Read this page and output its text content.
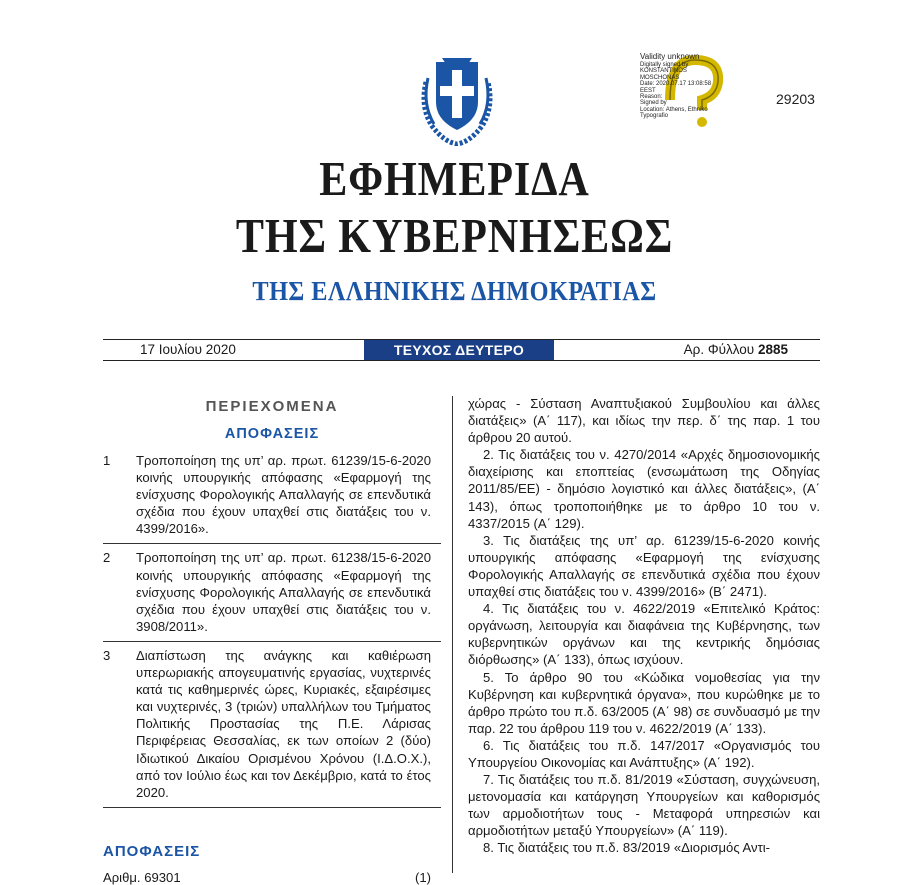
Validity unknown
Digitally signed by
KONSTANTINOS
MOSCHONAS
Date: 2020.07.17 13:08:58
EEST
Reason:
Signed by
Location: Athens, Ethniko
Typografio
29203
ΕΦΗΜΕΡΙΔΑ
ΤΗΣ ΚΥΒΕΡΝΗΣΕΩΣ
ΤΗΣ ΕΛΛΗΝΙΚΗΣ ΔΗΜΟΚΡΑΤΙΑΣ
17 Ιουλίου 2020	ΤΕΥΧΟΣ ΔΕΥΤΕΡΟ	Αρ. Φύλλου 2885
ΠΕΡΙΕΧΟΜΕΝΑ
ΑΠΟΦΑΣΕΙΣ
1 Τροποποίηση της υπ’ αρ. πρωτ. 61239/15-6-2020 κοινής υπουργικής απόφασης «Εφαρμογή της ενίσχυσης Φορολογικής Απαλλαγής σε επενδυτικά σχέδια που έχουν υπαχθεί στις διατάξεις του ν. 4399/2016».
2 Τροποποίηση της υπ’ αρ. πρωτ. 61238/15-6-2020 κοινής υπουργικής απόφασης «Εφαρμογή της ενίσχυσης Φορολογικής Απαλλαγής σε επενδυτικά σχέδια που έχουν υπαχθεί στις διατάξεις του ν. 3908/2011».
3 Διαπίστωση της ανάγκης και καθιέρωση υπερωριακής απογευματινής εργασίας, νυχτερινές κατά τις καθημερινές ώρες, Κυριακές, εξαιρέσιμες και νυχτερινές, 3 (τριών) υπαλλήλων του Τμήματος Πολιτικής Προστασίας της Π.Ε. Λάρισας Περιφέρειας Θεσσαλίας, εκ των οποίων 2 (δύο) Ιδιωτικού Δικαίου Ορισμένου Χρόνου (Ι.Δ.Ο.Χ.), από τον Ιούλιο έως και τον Δεκέμβριο, κατά το έτος 2020.
ΑΠΟΦΑΣΕΙΣ
Αριθμ. 69301	(1)

χώρας - Σύσταση Αναπτυξιακού Συμβουλίου και άλλες διατάξεις» (Α΄ 117), και ιδίως την περ. δ΄ της παρ. 1 του άρθρου 20 αυτού.

2. Τις διατάξεις του ν. 4270/2014 «Αρχές δημοσιονομικής διαχείρισης και εποπτείας (ενσωμάτωση της Οδηγίας 2011/85/ΕΕ) - δημόσιο λογιστικό και άλλες διατάξεις», (Α΄ 143), όπως τροποποιήθηκε με το άρθρο 10 του ν. 4337/2015 (Α΄ 129).

3. Τις διατάξεις της υπ’ αρ. 61239/15-6-2020 κοινής υπουργικής απόφασης «Εφαρμογή της ενίσχυσης Φορολογικής Απαλλαγής σε επενδυτικά σχέδια που έχουν υπαχθεί στις διατάξεις του ν. 4399/2016» (Β΄ 2471).

4. Τις διατάξεις του ν. 4622/2019 «Επιτελικό Κράτος: οργάνωση, λειτουργία και διαφάνεια της Κυβέρνησης, των κυβερνητικών οργάνων και της κεντρικής δημόσιας διόρθωσης» (Α΄ 133), όπως ισχύουν.

5. Το άρθρο 90 του «Κώδικα νομοθεσίας για την Κυβέρνηση και κυβερνητικά όργανα», που κυρώθηκε με το άρθρο πρώτο του π.δ. 63/2005 (Α΄ 98) σε συνδυασμό με την παρ. 22 του άρθρου 119 του ν. 4622/2019 (Α΄ 133).

6. Τις διατάξεις του π.δ. 147/2017 «Οργανισμός του Υπουργείου Οικονομίας και Ανάπτυξης» (Α΄ 192).

7. Τις διατάξεις του π.δ. 81/2019 «Σύσταση, συγχώνευση, μετονομασία και κατάργηση Υπουργείων και καθορισμός των αρμοδιοτήτων τους - Μεταφορά υπηρεσιών και αρμοδιοτήτων μεταξύ Υπουργείων» (Α΄ 119).

8. Τις διατάξεις του π.δ. 83/2019 «Διορισμός Αντι-
